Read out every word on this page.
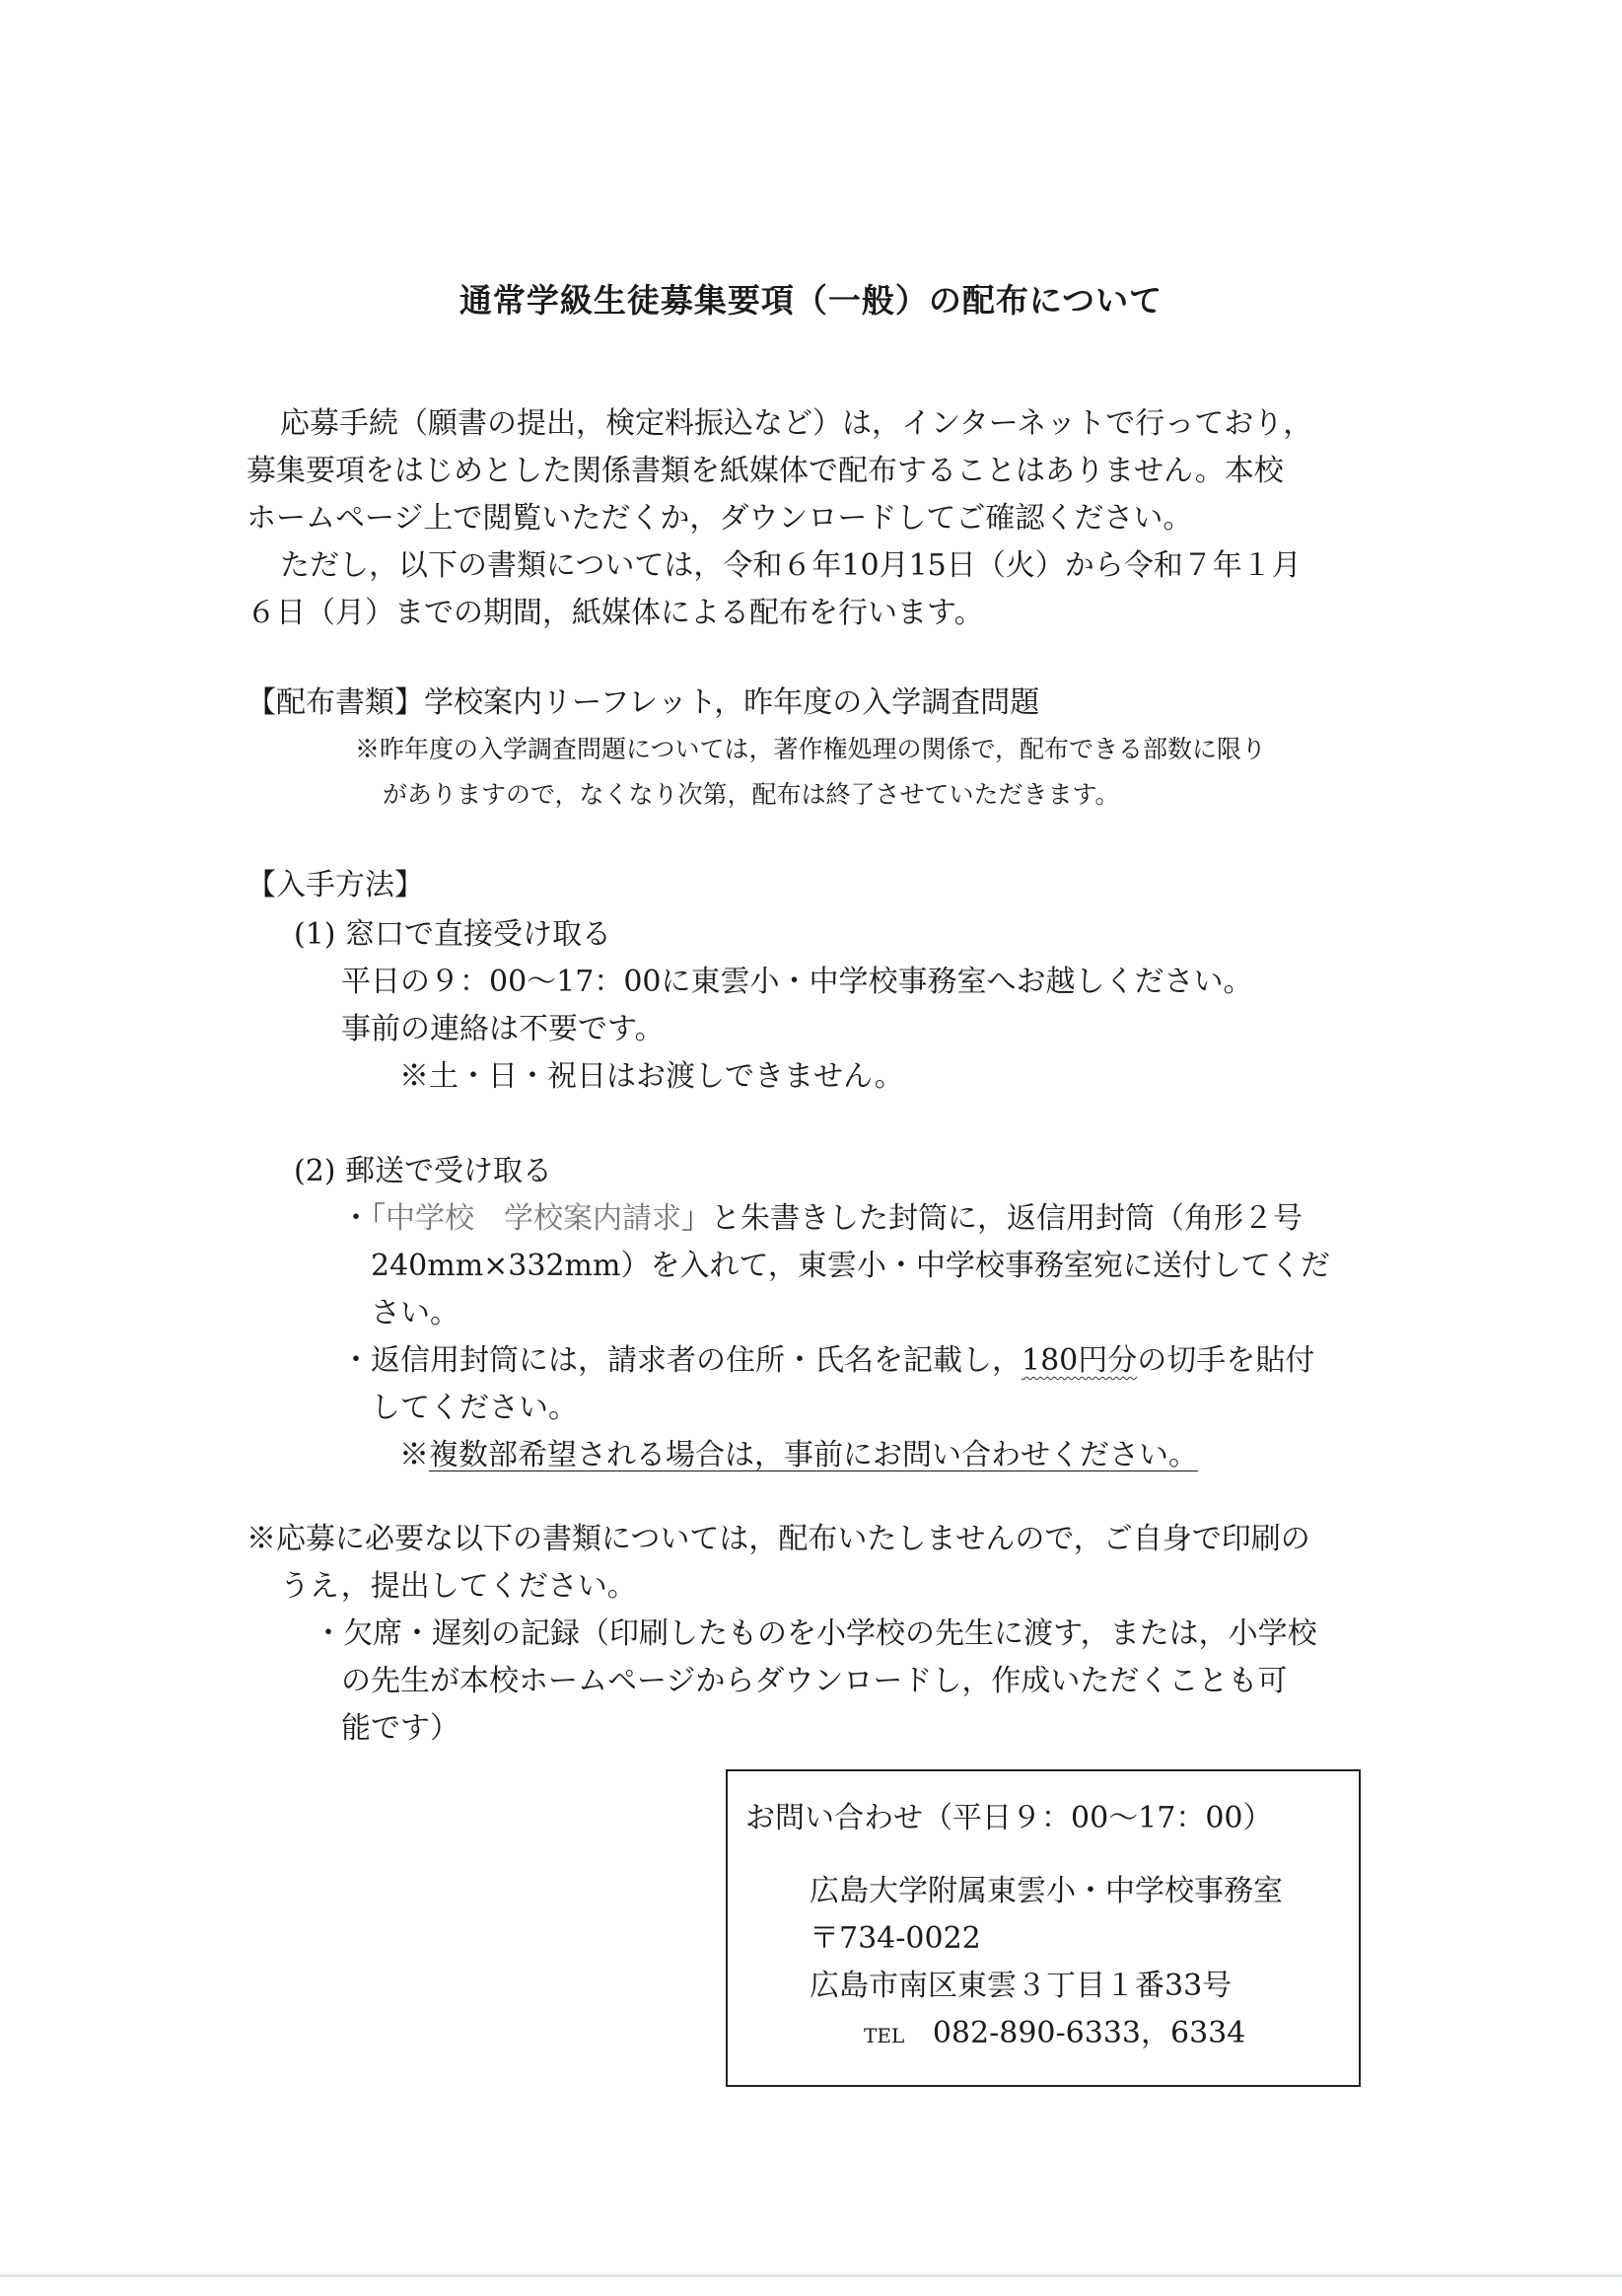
通常学級生徒募集要項（一般）の配布について
応募手続（願書の提出，検定料振込など）は，インターネットで行っており，
募集要項をはじめとした関係書類を紙媒体で配布することはありません。本校
ホームページ上で閲覧いただくか，ダウンロードしてご確認ください。
ただし，以下の書類については，令和６年10月15日（火）から令和７年１月
６日（月）までの期間，紙媒体による配布を行います。
【配布書類】学校案内リーフレット，昨年度の入学調査問題
※昨年度の入学調査問題については，著作権処理の関係で，配布できる部数に限り
がありますので，なくなり次第，配布は終了させていただきます。
【入手方法】
(1) 窓口で直接受け取る
平日の９：00～17：00に東雲小・中学校事務室へお越しください。
事前の連絡は不要です。
※土・日・祝日はお渡しできません。
(2) 郵送で受け取る
・「中学校　学校案内請求」と朱書きした封筒に，返信用封筒（角形２号
240mm×332mm）を入れて，東雲小・中学校事務室宛に送付してくだ
さい。
・返信用封筒には，請求者の住所・氏名を記載し，180円分の切手を貼付
してください。
※複数部希望される場合は，事前にお問い合わせください。
※応募に必要な以下の書類については，配布いたしませんので，ご自身で印刷の
うえ，提出してください。
・欠席・遅刻の記録（印刷したものを小学校の先生に渡す，または，小学校
の先生が本校ホームページからダウンロードし，作成いただくことも可
能です）
お問い合わせ（平日９：00～17：00）
広島大学附属東雲小・中学校事務室
〒734-0022
広島市南区東雲３丁目１番33号
TEL 082-890-6333，6334
